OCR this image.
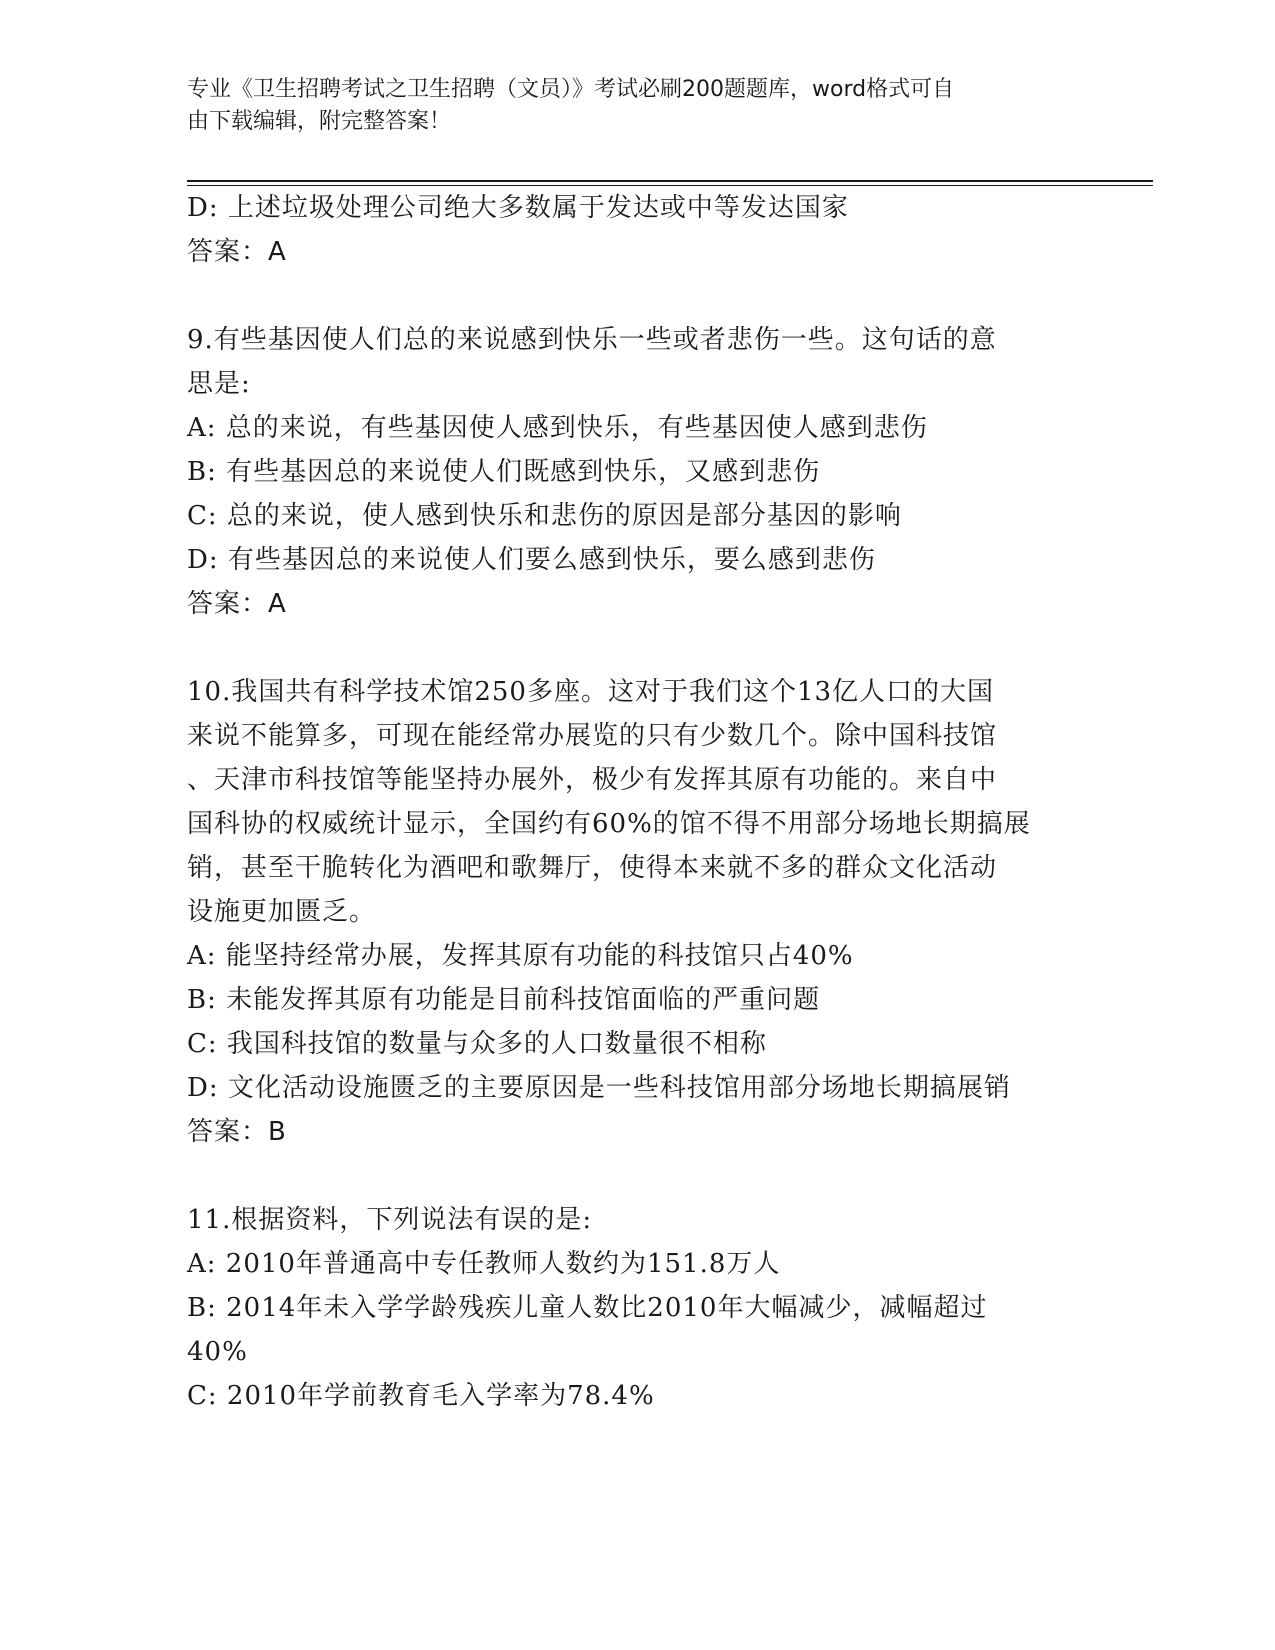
专业《卫生招聘考试之卫生招聘（文员）》考试必刷200题题库，word格式可自
由下载编辑，附完整答案！
D: 上述垃圾处理公司绝大多数属于发达或中等发达国家
答案：A
9.有些基因使人们总的来说感到快乐一些或者悲伤一些。这句话的意
思是:
A: 总的来说，有些基因使人感到快乐，有些基因使人感到悲伤
B: 有些基因总的来说使人们既感到快乐，又感到悲伤
C: 总的来说，使人感到快乐和悲伤的原因是部分基因的影响
D: 有些基因总的来说使人们要么感到快乐，要么感到悲伤
答案：A
10.我国共有科学技术馆250多座。这对于我们这个13亿人口的大国
来说不能算多，可现在能经常办展览的只有少数几个。除中国科技馆
、天津市科技馆等能坚持办展外，极少有发挥其原有功能的。来自中
国科协的权威统计显示，全国约有60%的馆不得不用部分场地长期搞展
销，甚至干脆转化为酒吧和歌舞厅，使得本来就不多的群众文化活动
设施更加匮乏。
A: 能坚持经常办展，发挥其原有功能的科技馆只占40%
B: 未能发挥其原有功能是目前科技馆面临的严重问题
C: 我国科技馆的数量与众多的人口数量很不相称
D: 文化活动设施匮乏的主要原因是一些科技馆用部分场地长期搞展销
答案：B
11.根据资料，下列说法有误的是:
A: 2010年普通高中专任教师人数约为151.8万人
B: 2014年未入学学龄残疾儿童人数比2010年大幅减少，减幅超过
40%
C: 2010年学前教育毛入学率为78.4%
